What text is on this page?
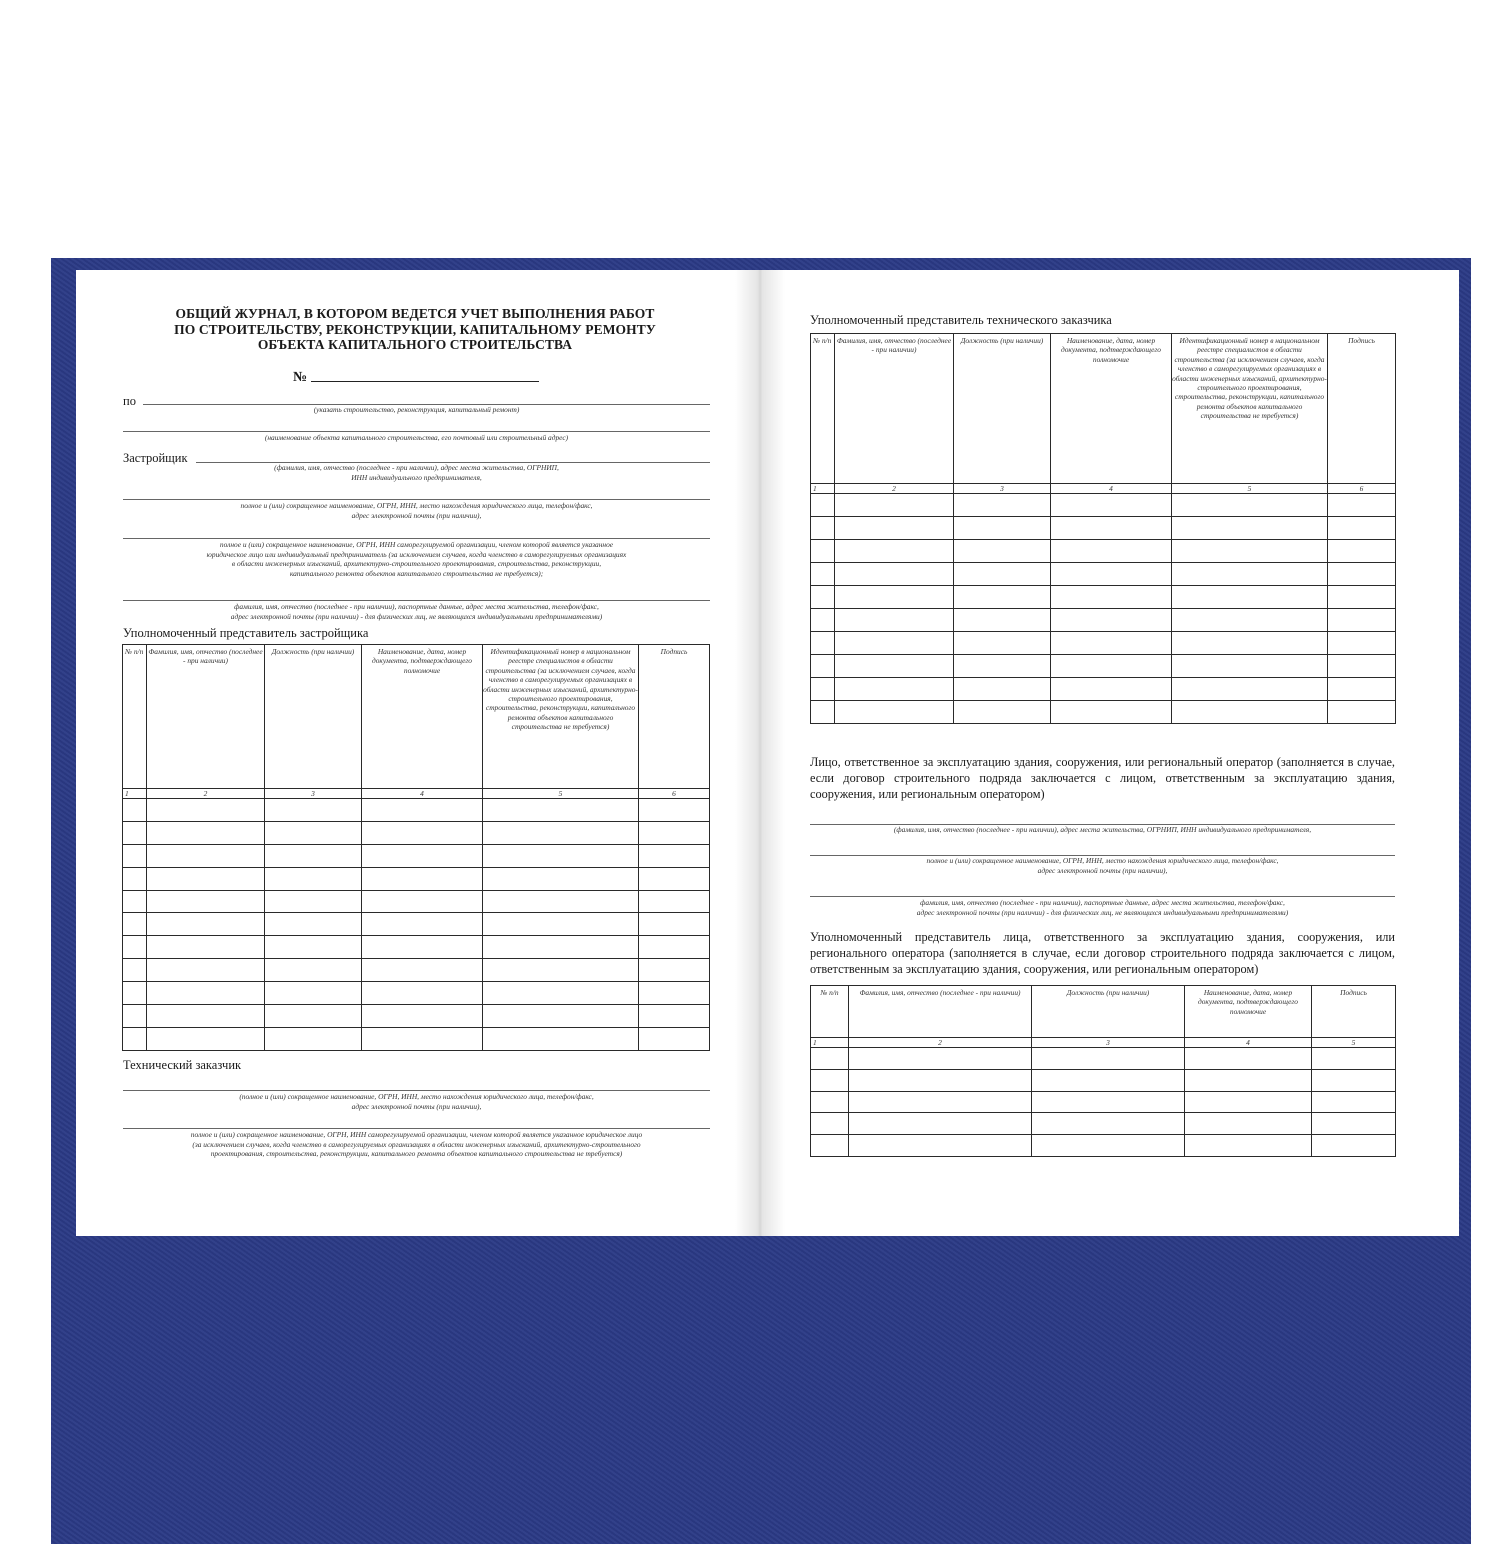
ОБЩИЙ ЖУРНАЛ, В КОТОРОМ ВЕДЕТСЯ УЧЕТ ВЫПОЛНЕНИЯ РАБОТ
ПО СТРОИТЕЛЬСТВУ, РЕКОНСТРУКЦИИ, КАПИТАЛЬНОМУ РЕМОНТУ
ОБЪЕКТА КАПИТАЛЬНОГО СТРОИТЕЛЬСТВА
№
по
(указать строительство, реконструкция, капитальный ремонт)
(наименование объекта капитального строительства, его почтовый или строительный адрес)
Застройщик
(фамилия, имя, отчество (последнее - при наличии), адрес места жительства, ОГРНИП,
ИНН индивидуального предпринимателя,
полное и (или) сокращенное наименование, ОГРН, ИНН, место нахождения юридического лица, телефон/факс,
адрес электронной почты (при наличии),
полное и (или) сокращенное наименование, ОГРН, ИНН саморегулируемой организации, членом которой является указанное
юридическое лицо или индивидуальный предприниматель (за исключением случаев, когда членство в саморегулируемых организациях
в области инженерных изысканий, архитектурно-строительного проектирования, строительства, реконструкции,
капитального ремонта объектов капитального строительства не требуется);
фамилия, имя, отчество (последнее - при наличии), паспортные данные, адрес места жительства, телефон/факс,
адрес электронной почты (при наличии) - для физических лиц, не являющихся индивидуальными предпринимателями)
Уполномоченный представитель застройщика
№ п/п	Фамилия, имя, отчество (последнее - при наличии)	Должность (при наличии)	Наименование, дата, номер документа, подтверждающего полномочие	Идентификационный номер в национальном реестре специалистов в области строительства (за исключением случаев, когда членство в саморегулируемых организациях в области инженерных изысканий, архитектурно-строительного проектирования, строительства, реконструкции, капитального ремонта объектов капитального строительства не требуется)	Подпись
1	2	3	4	5	6

Технический заказчик
(полное и (или) сокращенное наименование, ОГРН, ИНН, место нахождения юридического лица, телефон/факс,
адрес электронной почты (при наличии),
полное и (или) сокращенное наименование, ОГРН, ИНН саморегулируемой организации, членом которой является указанное юридическое лицо
(за исключением случаев, когда членство в саморегулируемых организациях в области инженерных изысканий, архитектурно-строительного
проектирования, строительства, реконструкции, капитального ремонта объектов капитального строительства не требуется)
Уполномоченный представитель технического заказчика
№ п/п	Фамилия, имя, отчество (последнее - при наличии)	Должность (при наличии)	Наименование, дата, номер документа, подтверждающего полномочие	Идентификационный номер в национальном реестре специалистов в области строительства (за исключением случаев, когда членство в саморегулируемых организациях в области инженерных изысканий, архитектурно-строительного проектирования, строительства, реконструкции, капитального ремонта объектов капитального строительства не требуется)	Подпись
1	2	3	4	5	6

Лицо, ответственное за эксплуатацию здания, сооружения, или региональный оператор (заполняется в случае, если договор строительного подряда заключается с лицом, ответственным за эксплуатацию здания, сооружения, или региональным оператором)
(фамилия, имя, отчество (последнее - при наличии), адрес места жительства, ОГРНИП, ИНН индивидуального предпринимателя,
полное и (или) сокращенное наименование, ОГРН, ИНН, место нахождения юридического лица, телефон/факс,
адрес электронной почты (при наличии),
фамилия, имя, отчество (последнее - при наличии), паспортные данные, адрес места жительства, телефон/факс,
адрес электронной почты (при наличии) - для физических лиц, не являющихся индивидуальными предпринимателями)
Уполномоченный представитель лица, ответственного за эксплуатацию здания, сооружения, или регионального оператора (заполняется в случае, если договор строительного подряда заключается с лицом, ответственным за эксплуатацию здания, сооружения, или региональным оператором)
№ п/п	Фамилия, имя, отчество (последнее - при наличии)	Должность (при наличии)	Наименование, дата, номер документа, подтверждающего полномочие	Подпись
1	2	3	4	5
